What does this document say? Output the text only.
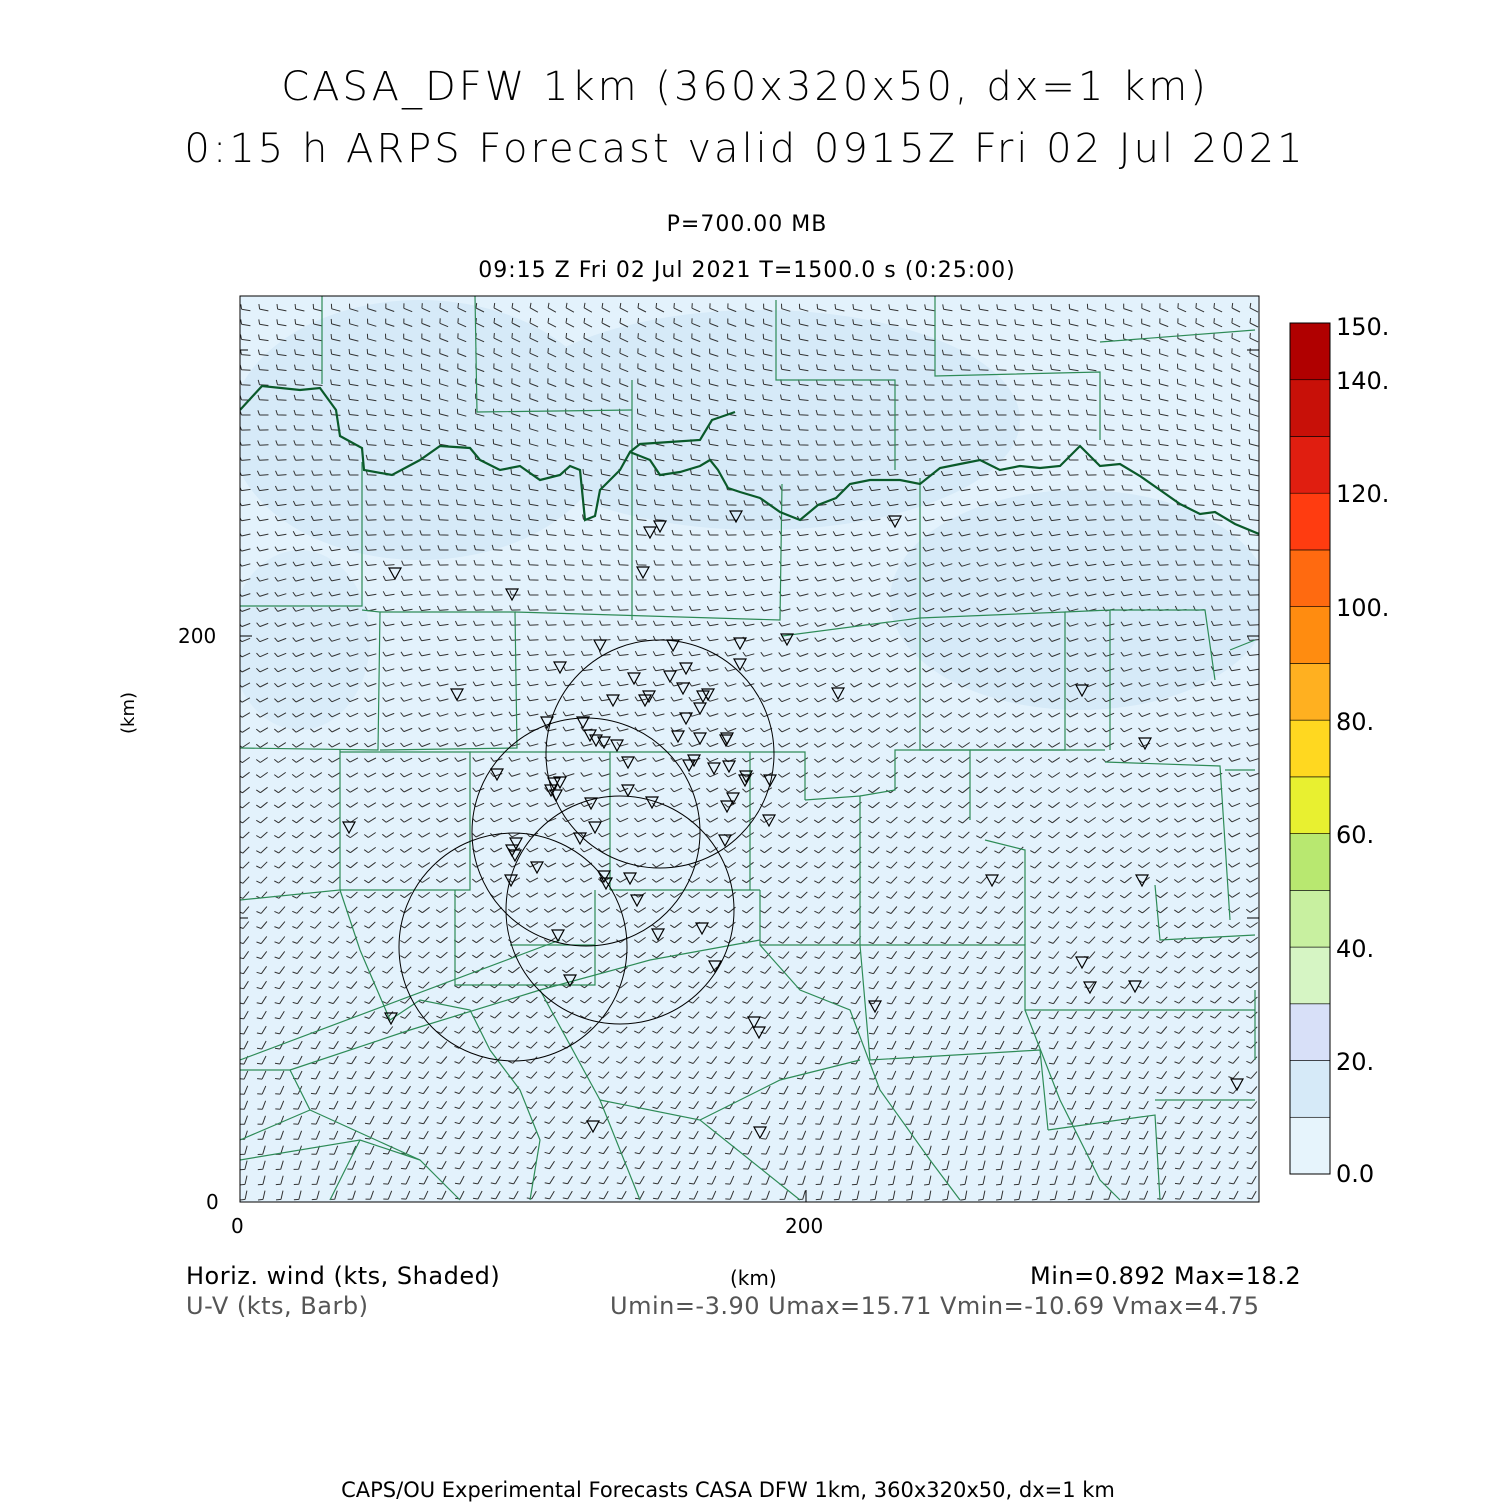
CASA_DFW 1km (360x320x50, dx=1 km)
0:15 h ARPS Forecast valid 0915Z Fri 02 Jul 2021
P=700.00 MB
09:15 Z Fri 02 Jul 2021 T=1500.0 s (0:25:00)
200
0
0	200
(km)
150.
140.
120.
100.
80.
60.
40.
20.
0.0
Horiz. wind (kts, Shaded)
U-V (kts, Barb)
(km)	Min=0.892 Max=18.2
Umin=-3.90 Umax=15.71 Vmin=-10.69 Vmax=4.75
CAPS/OU Experimental Forecasts CASA DFW 1km, 360x320x50, dx=1 km
